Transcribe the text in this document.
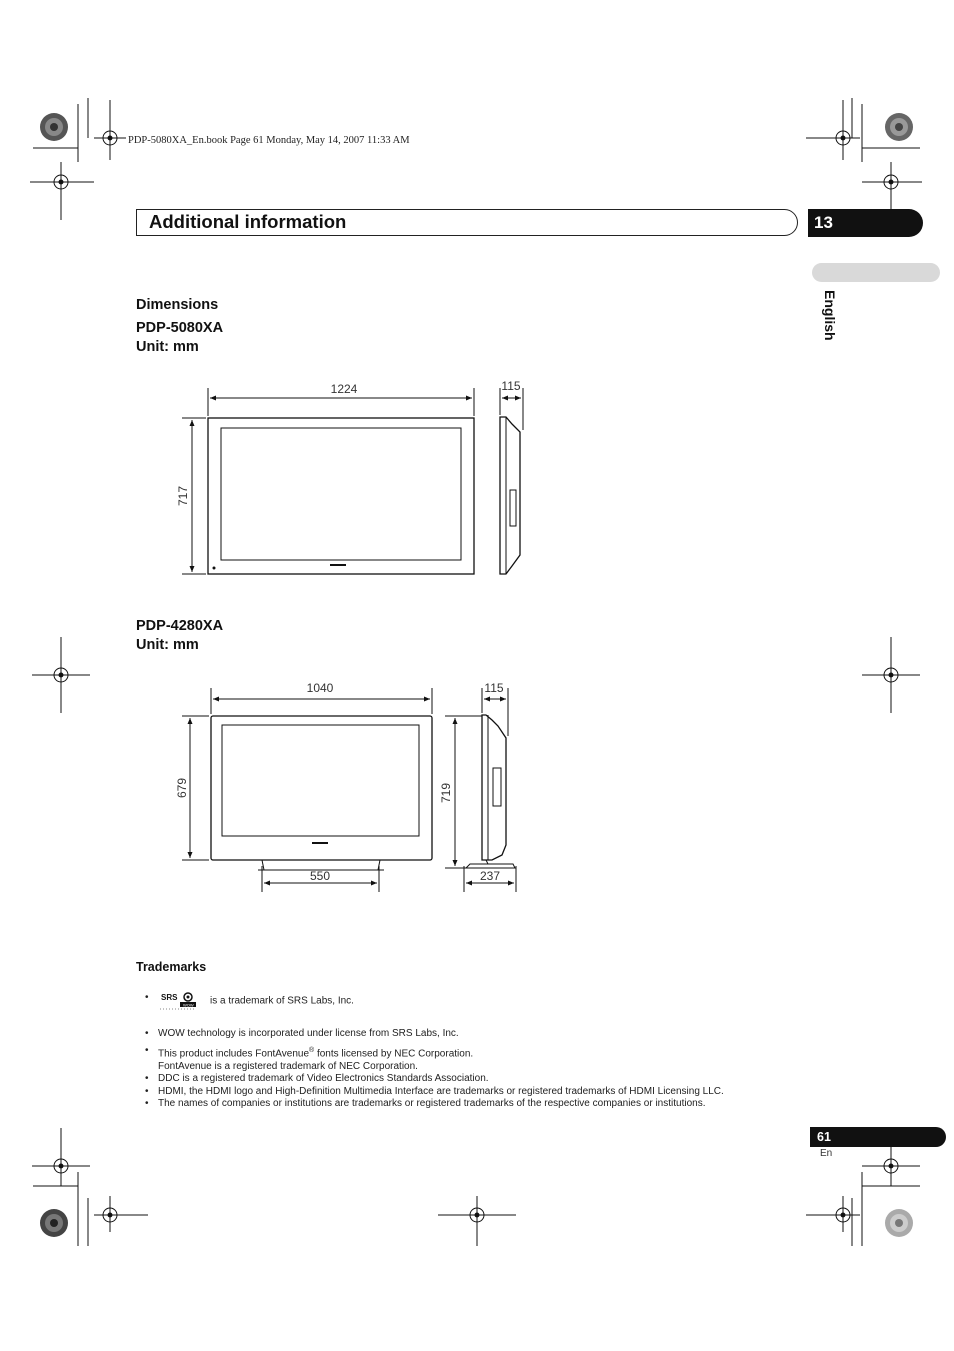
PDP-5080XA_En.book Page 61 Monday, May 14, 2007 11:33 AM
Additional information	13
English
Dimensions
PDP-5080XA
Unit: mm
1224	115
717
PDP-4280XA
Unit: mm
1040	115
679	719
550	237
Trademarks
• SRS
WOW is a trademark of SRS Labs, Inc.
• WOW technology is incorporated under license from SRS Labs, Inc.
• This product includes FontAvenue® fonts licensed by NEC Corporation.
FontAvenue is a registered trademark of NEC Corporation.
• DDC is a registered trademark of Video Electronics Standards Association.
• HDMI, the HDMI logo and High-Definition Multimedia Interface are trademarks or registered trademarks of HDMI Licensing LLC.
• The names of companies or institutions are trademarks or registered trademarks of the respective companies or institutions.
61
En
